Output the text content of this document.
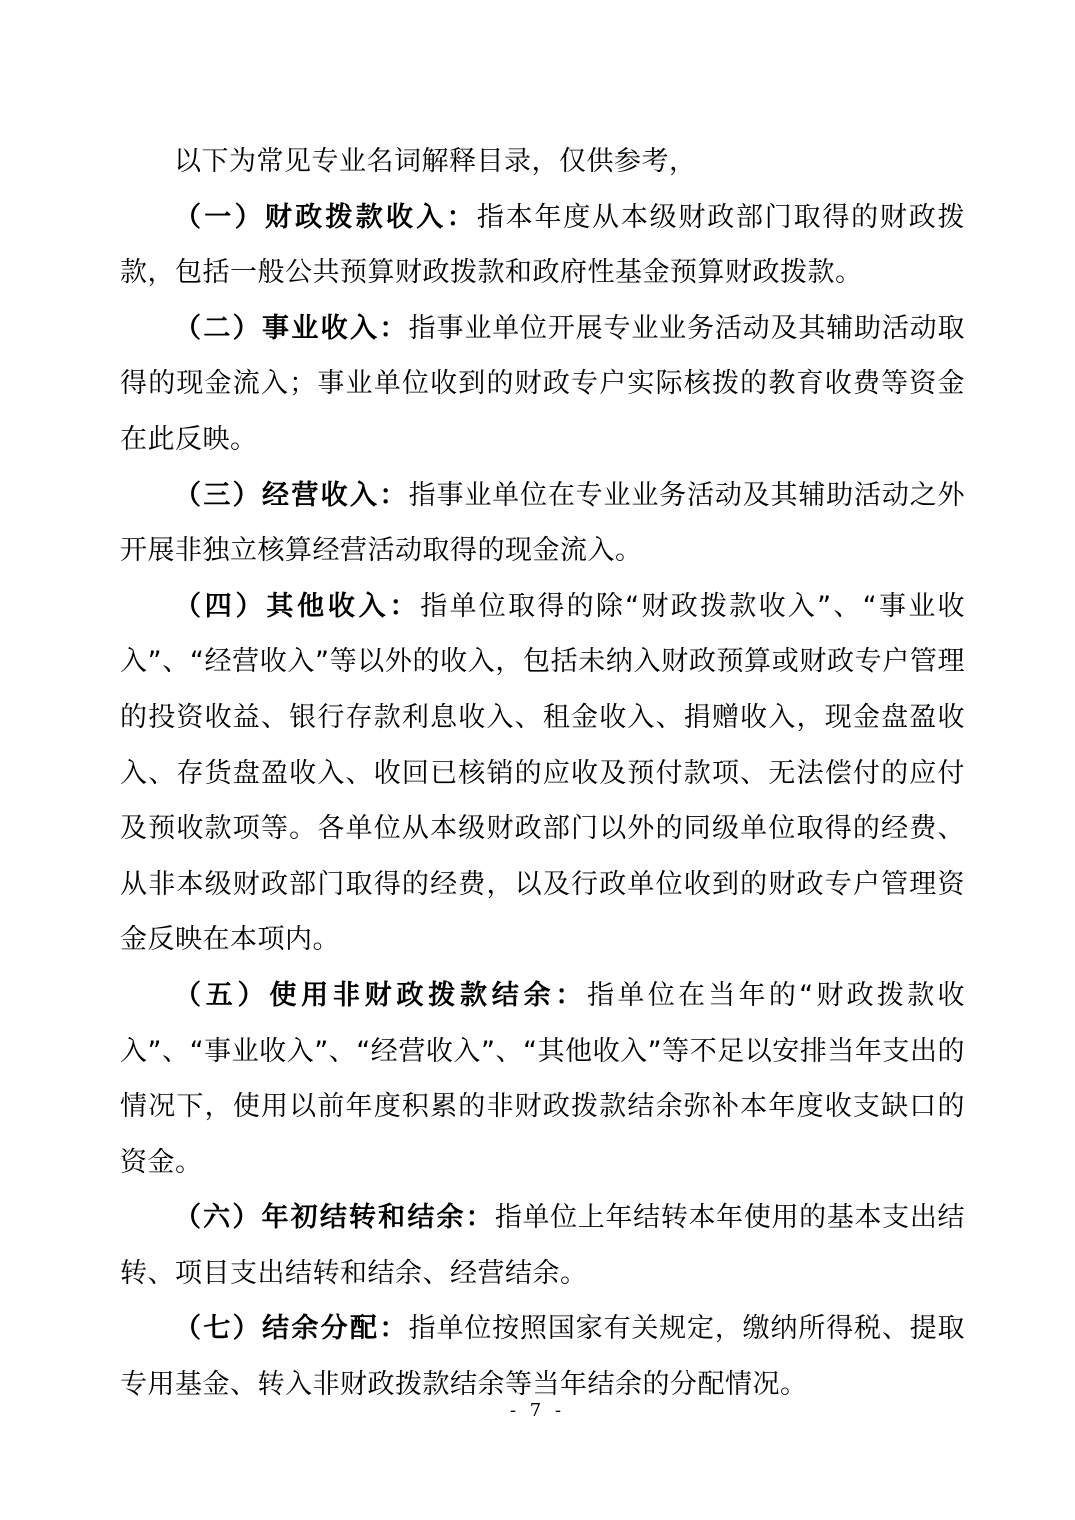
以下为常见专业名词解释目录，仅供参考，

（一）财政拨款收入：指本年度从本级财政部门取得的财政拨款，包括一般公共预算财政拨款和政府性基金预算财政拨款。

（二）事业收入：指事业单位开展专业业务活动及其辅助活动取得的现金流入；事业单位收到的财政专户实际核拨的教育收费等资金在此反映。

（三）经营收入：指事业单位在专业业务活动及其辅助活动之外开展非独立核算经营活动取得的现金流入。

（四）其他收入：指单位取得的除“财政拨款收入”、“事业收入”、“经营收入”等以外的收入，包括未纳入财政预算或财政专户管理的投资收益、银行存款利息收入、租金收入、捐赠收入，现金盘盈收入、存货盘盈收入、收回已核销的应收及预付款项、无法偿付的应付及预收款项等。各单位从本级财政部门以外的同级单位取得的经费、从非本级财政部门取得的经费，以及行政单位收到的财政专户管理资金反映在本项内。

（五）使用非财政拨款结余：指单位在当年的“财政拨款收入”、“事业收入”、“经营收入”、“其他收入”等不足以安排当年支出的情况下，使用以前年度积累的非财政拨款结余弥补本年度收支缺口的资金。

（六）年初结转和结余：指单位上年结转本年使用的基本支出结转、项目支出结转和结余、经营结余。

（七）结余分配：指单位按照国家有关规定，缴纳所得税、提取专用基金、转入非财政拨款结余等当年结余的分配情况。

- 7 -
